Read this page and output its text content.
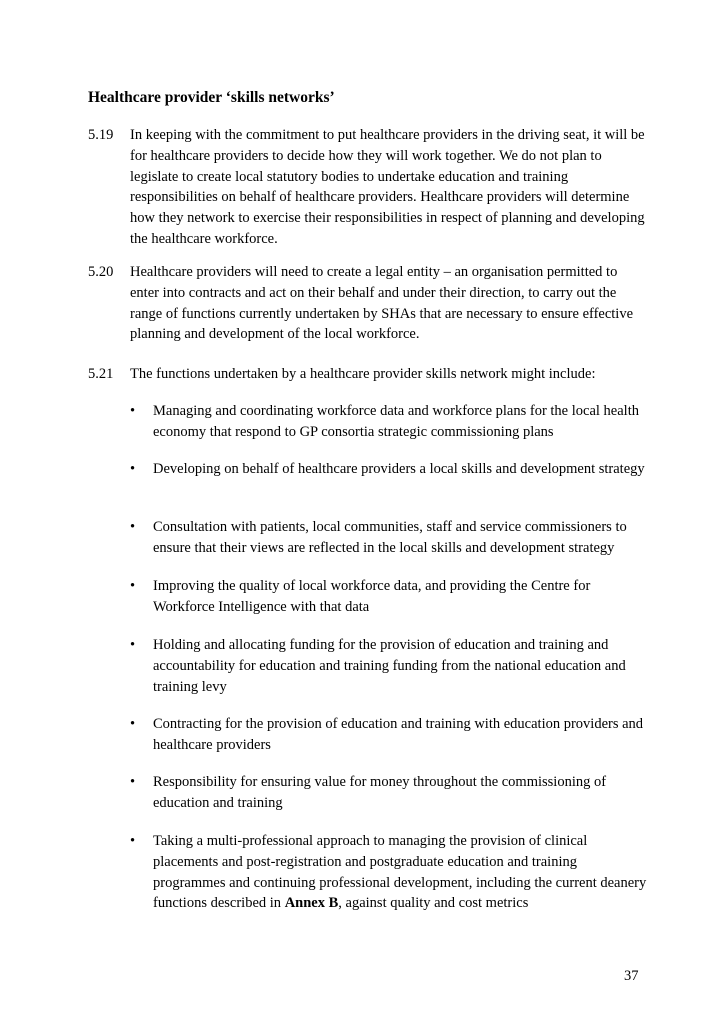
Healthcare provider ‘skills networks’
5.19 In keeping with the commitment to put healthcare providers in the driving seat, it will be for healthcare providers to decide how they will work together. We do not plan to legislate to create local statutory bodies to undertake education and training responsibilities on behalf of healthcare providers. Healthcare providers will determine how they network to exercise their responsibilities in respect of planning and developing the healthcare workforce.
5.20 Healthcare providers will need to create a legal entity – an organisation permitted to enter into contracts and act on their behalf and under their direction, to carry out the range of functions currently undertaken by SHAs that are necessary to ensure effective planning and development of the local workforce.
5.21 The functions undertaken by a healthcare provider skills network might include:
• Managing and coordinating workforce data and workforce plans for the local health economy that respond to GP consortia strategic commissioning plans
• Developing on behalf of healthcare providers a local skills and development strategy
• Consultation with patients, local communities, staff and service commissioners to ensure that their views are reflected in the local skills and development strategy
• Improving the quality of local workforce data, and providing the Centre for Workforce Intelligence with that data
• Holding and allocating funding for the provision of education and training and accountability for education and training funding from the national education and training levy
• Contracting for the provision of education and training with education providers and healthcare providers
• Responsibility for ensuring value for money throughout the commissioning of education and training
• Taking a multi-professional approach to managing the provision of clinical placements and post-registration and postgraduate education and training programmes and continuing professional development, including the current deanery functions described in Annex B, against quality and cost metrics
37
